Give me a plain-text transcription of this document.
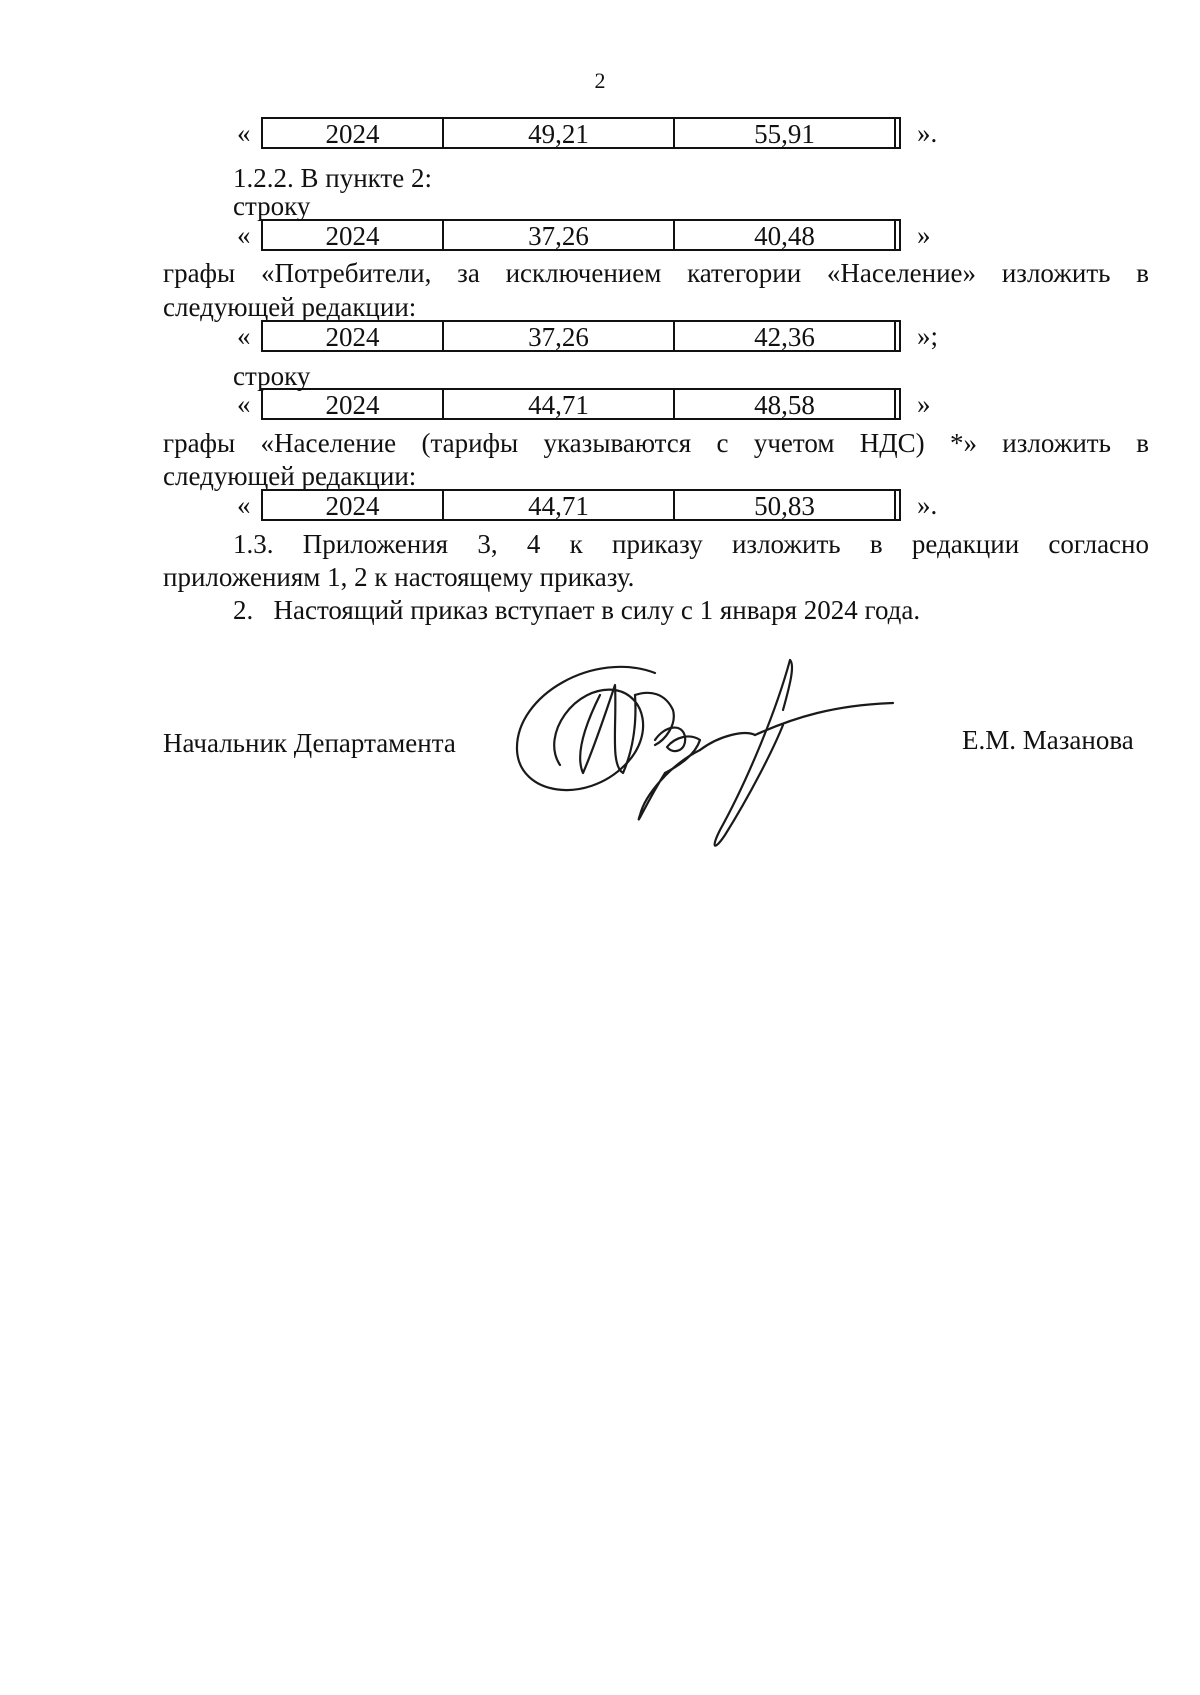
2
«	2024	49,21	55,91	».
1.2.2. В пункте 2:
строку
«	2024	37,26	40,48	»
графы «Потребители, за исключением категории «Население» изложить в
следующей редакции:
«	2024	37,26	42,36	»;
строку
«	2024	44,71	48,58	»
графы «Население (тарифы указываются с учетом НДС) *» изложить в
следующей редакции:
«	2024	44,71	50,83	».
1.3. Приложения 3, 4 к приказу изложить в редакции согласно
приложениям 1, 2 к настоящему приказу.
2.   Настоящий приказ вступает в силу с 1 января 2024 года.
Начальник Департамента	Е.М. Мазанова
